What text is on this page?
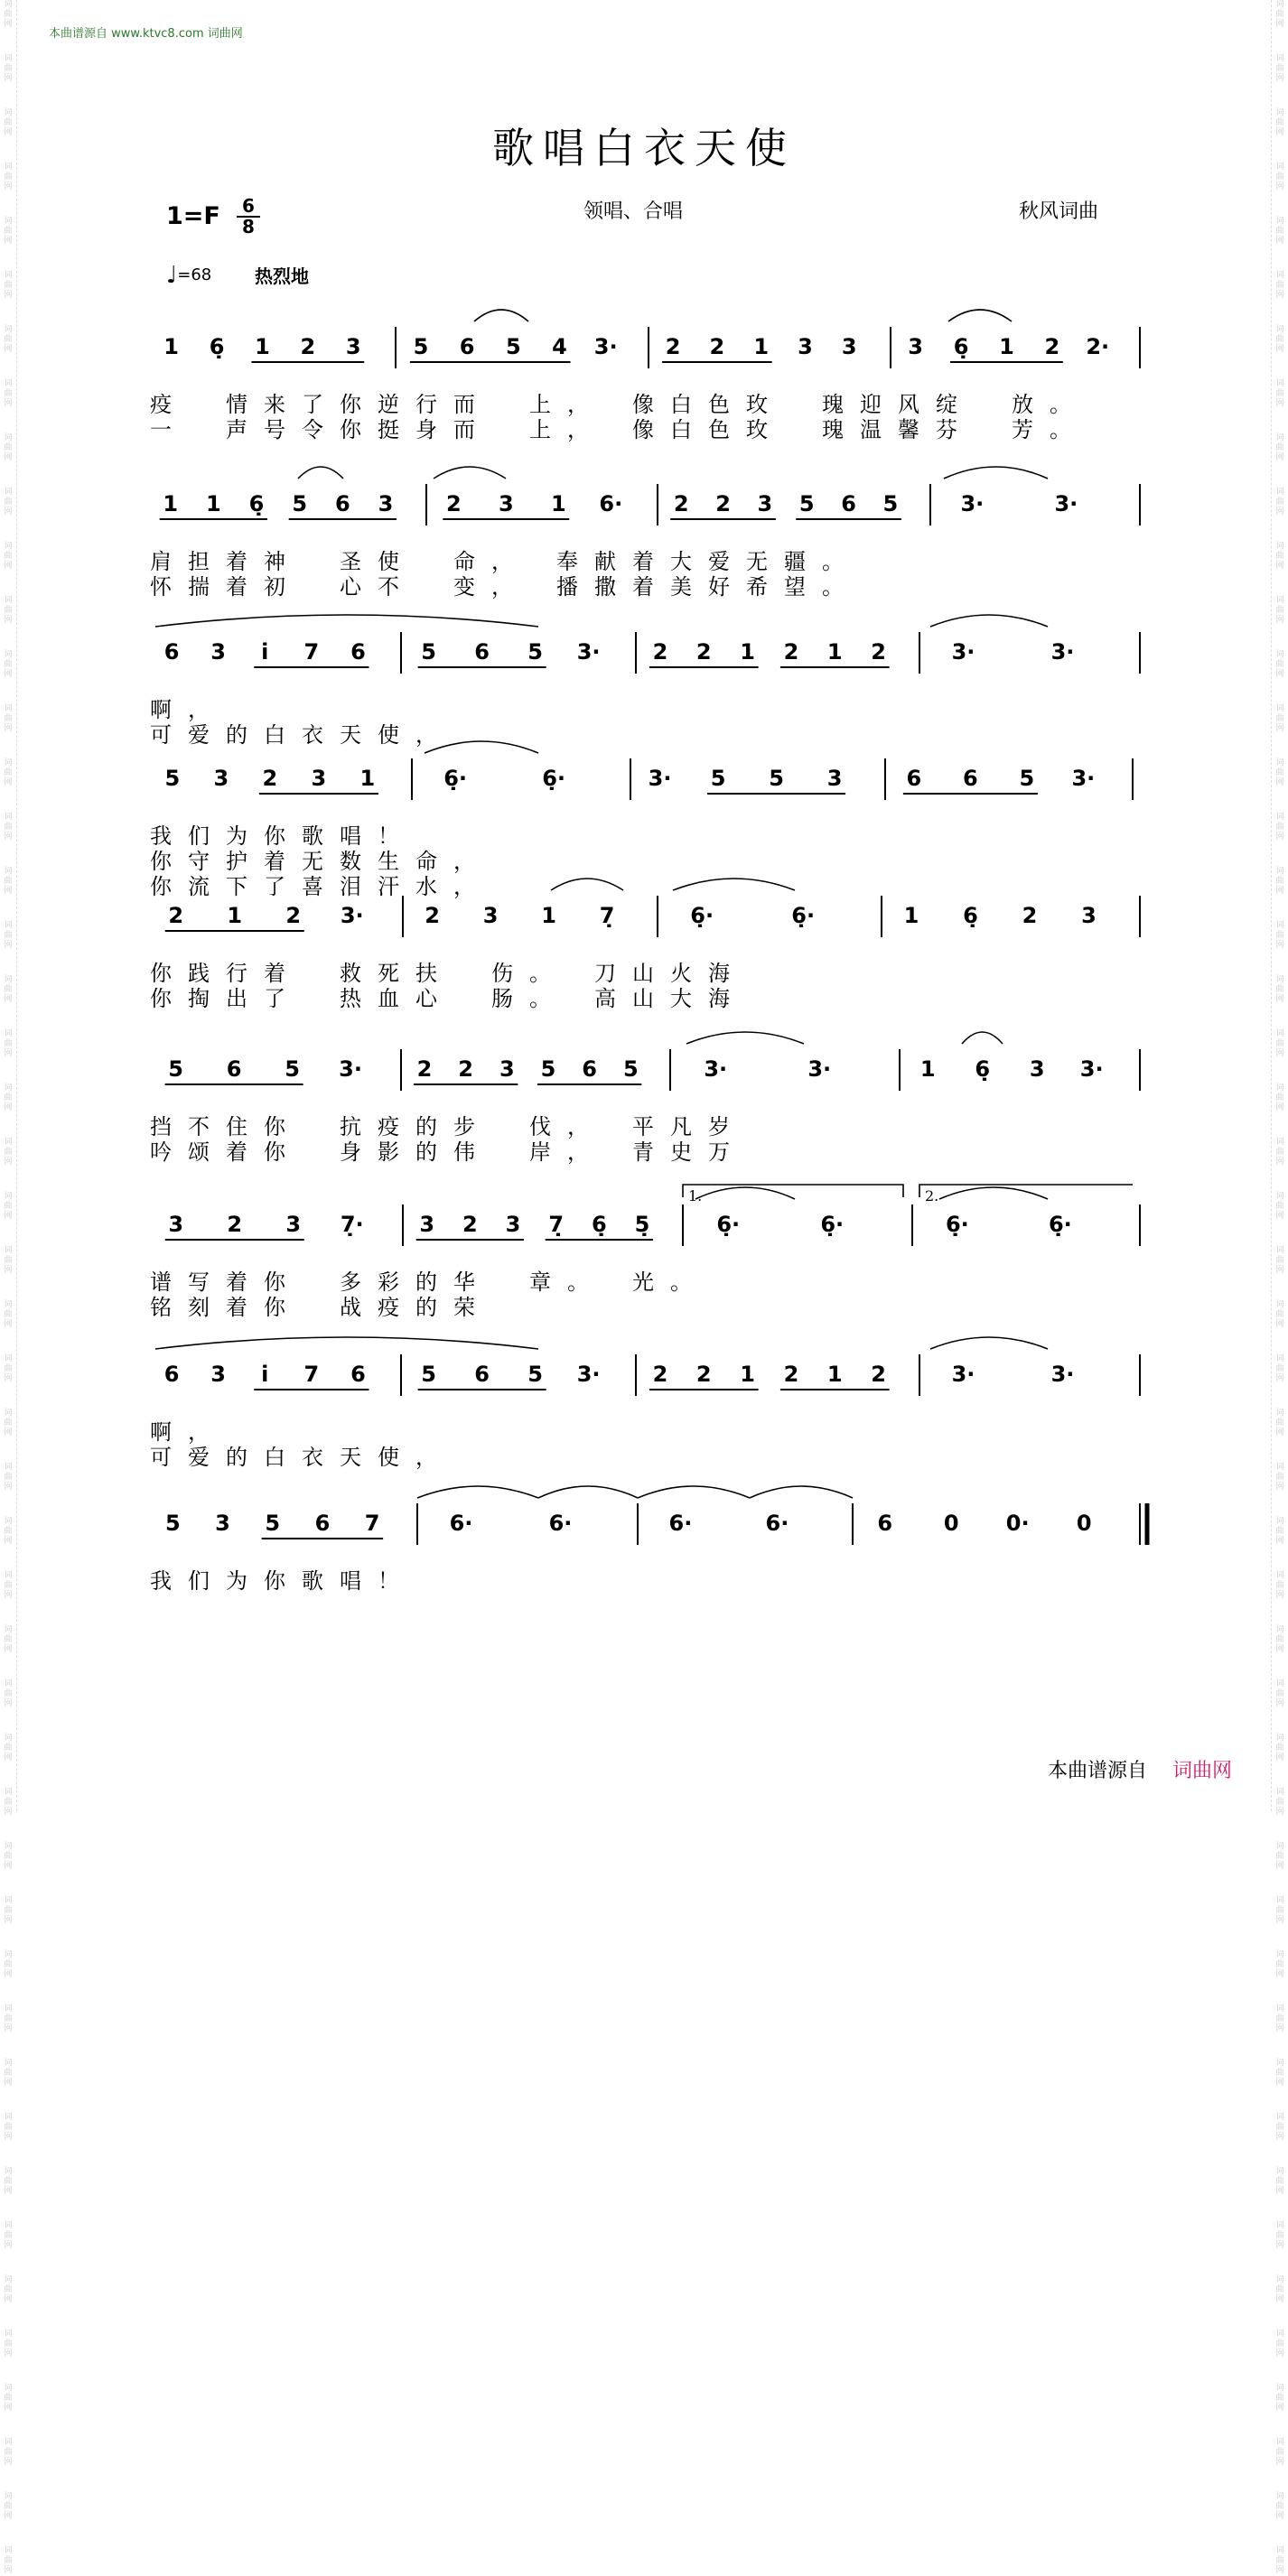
词
曲
网
词
曲
网
词
曲
网
词
曲
网
词
曲
网
词
曲
网
词
曲
网
词
曲
网
词
曲
网
词
曲
网
词
曲
网
词
曲
网
词
曲
网
词
曲
网
词
曲
网
词
曲
网
词
曲
网
词
曲
网
词
曲
网
词
曲
网
词
曲
网
词
曲
网
词
曲
网
词
曲
网
词
曲
网
词
曲
网
词
曲
网
词
曲
网
词
曲
网
词
曲
网
词
曲
网
词
曲
网
词
曲
网
词
曲
网
词
曲
网
词
曲
网
词
曲
网
词
曲
网
词
曲
网
词
曲
网
词
曲
网
词
曲
网
词
曲
网
词
曲
网
词
曲
网
词
曲
网
词
曲
网
词
曲
网
词
曲
网
词
曲
网
词
曲
网
词
曲
网
词
曲
网
词
曲
网
词
曲
网
词
曲
网
词
曲
网
词
曲
网
词
曲
网
词
曲
网
词
曲
网
词
曲
网
词
曲
网
词
曲
网
词
曲
网
词
曲
网
词
曲
网
词
曲
网
词
曲
网
词
曲
网
词
曲
网
词
曲
网
词
曲
网
词
曲
网
词
曲
网
词
曲
网
词
曲
网
词
曲
网
词
曲
网
词
曲
网
词
曲
网
词
曲
网
词
曲
网
词
曲
网
词
曲
网
词
曲
网
词
曲
网
词
曲
网
词
曲
网
词
曲
网
词
曲
网
词
曲
网
词
曲
网
词
曲
网
词
曲
网
词
曲
网
本曲谱源自 www.ktvc8.com 词曲网
歌唱白衣天使
$1=F \frac{6}{8}$	领唱、合唱	秋风词曲
♩=68 热烈地
1 6̣ 1 2 3 5 6 5 4 3· 2 2 1 3 3 3 6̣ 1 2 2·
疫　情来了你逆行而　上，　像白色玫　瑰迎风绽　放。
一　声号令你挺身而　上，　像白色玫　瑰温馨芬　芳。
1 1 6̣ 5 6 3 2 3 1 6· 2 2 3 5 6 5	3·	3·
肩担着神　圣使　命，　奉献着大爱无疆。
怀揣着初　心不　变，　播撒着美好希望。
6 3 i 7 6	5 6 5 3· 2 2 1 2 1 2	3·	3·
啊，
可爱的白衣天使，
5 3 2 3 1	6̣·	6̣·	3· 5 5 3	6 6 5 3·
我们为你歌唱！
你守护着无数生命，
你流下了喜泪汗水，
2 1 2 3·	2 3 1 7̣	6̣·	6̣·	1 6̣ 2 3
你践行着　救死扶　伤。　刀山火海
你掏出了　热血心　肠。　高山大海
5 6 5 3·	2 2 3 5 6 5	3·	3·	1 6̣ 3 3·
挡不住你　抗疫的步　伐，　平凡岁
吟颂着你　身影的伟　岸，　青史万
3 2 3 7̣·	3 2 3 7̣ 6̣ 5̣	6̣·	6̣·	6̣·	6̣·
谱写着你　多彩的华　章。　光。
铭刻着你　战疫的荣
6 3 i 7 6	5 6 5 3· 2 2 1 2 1 2	3·	3·
啊，
可爱的白衣天使，
5 3 5 6 7	6·	6·	6·	6·	6 0 0· 0
我们为你歌唱！
1.	2.
本曲谱源自 词曲网
